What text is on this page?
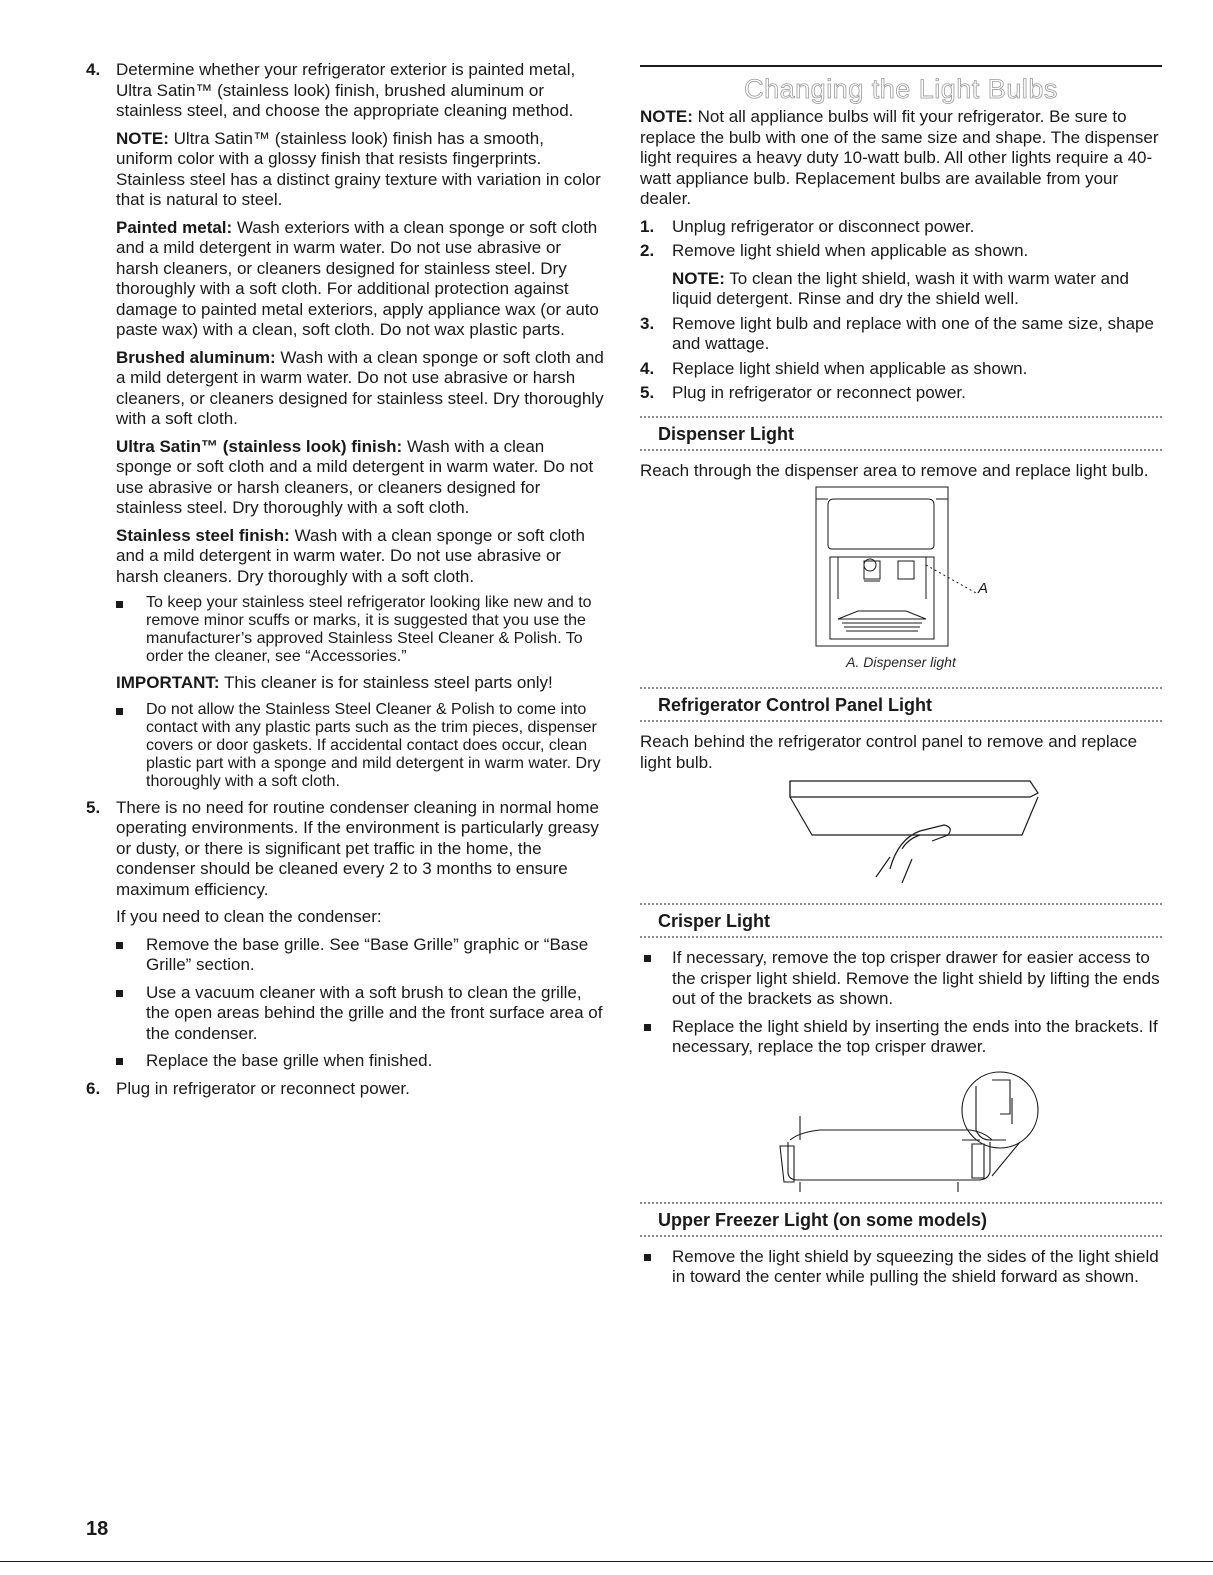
4. Determine whether your refrigerator exterior is painted metal, Ultra Satin™ (stainless look) finish, brushed aluminum or stainless steel, and choose the appropriate cleaning method.

NOTE: Ultra Satin™ (stainless look) finish has a smooth, uniform color with a glossy finish that resists fingerprints. Stainless steel has a distinct grainy texture with variation in color that is natural to steel.

Painted metal: Wash exteriors with a clean sponge or soft cloth and a mild detergent in warm water. Do not use abrasive or harsh cleaners, or cleaners designed for stainless steel. Dry thoroughly with a soft cloth. For additional protection against damage to painted metal exteriors, apply appliance wax (or auto paste wax) with a clean, soft cloth. Do not wax plastic parts.

Brushed aluminum: Wash with a clean sponge or soft cloth and a mild detergent in warm water. Do not use abrasive or harsh cleaners, or cleaners designed for stainless steel. Dry thoroughly with a soft cloth.

Ultra Satin™ (stainless look) finish: Wash with a clean sponge or soft cloth and a mild detergent in warm water. Do not use abrasive or harsh cleaners, or cleaners designed for stainless steel. Dry thoroughly with a soft cloth.

Stainless steel finish: Wash with a clean sponge or soft cloth and a mild detergent in warm water. Do not use abrasive or harsh cleaners. Dry thoroughly with a soft cloth.

To keep your stainless steel refrigerator looking like new and to remove minor scuffs or marks, it is suggested that you use the manufacturer’s approved Stainless Steel Cleaner & Polish. To order the cleaner, see “Accessories.”

IMPORTANT: This cleaner is for stainless steel parts only!

Do not allow the Stainless Steel Cleaner & Polish to come into contact with any plastic parts such as the trim pieces, dispenser covers or door gaskets. If accidental contact does occur, clean plastic part with a sponge and mild detergent in warm water. Dry thoroughly with a soft cloth.
5. There is no need for routine condenser cleaning in normal home operating environments. If the environment is particularly greasy or dusty, or there is significant pet traffic in the home, the condenser should be cleaned every 2 to 3 months to ensure maximum efficiency.

If you need to clean the condenser:

Remove the base grille. See “Base Grille” graphic or “Base Grille” section.
Use a vacuum cleaner with a soft brush to clean the grille, the open areas behind the grille and the front surface area of the condenser.
Replace the base grille when finished.
6. Plug in refrigerator or reconnect power.

Changing the Light Bulbs

NOTE: Not all appliance bulbs will fit your refrigerator. Be sure to replace the bulb with one of the same size and shape. The dispenser light requires a heavy duty 10-watt bulb. All other lights require a 40-watt appliance bulb. Replacement bulbs are available from your dealer.

1. Unplug refrigerator or disconnect power.
2. Remove light shield when applicable as shown.

NOTE: To clean the light shield, wash it with warm water and liquid detergent. Rinse and dry the shield well.

3. Remove light bulb and replace with one of the same size, shape and wattage.
4. Replace light shield when applicable as shown.
5. Plug in refrigerator or reconnect power.
Dispenser Light

Reach through the dispenser area to remove and replace light bulb.

A
A. Dispenser light
Refrigerator Control Panel Light

Reach behind the refrigerator control panel to remove and replace light bulb.

Crisper Light
If necessary, remove the top crisper drawer for easier access to the crisper light shield. Remove the light shield by lifting the ends out of the brackets as shown.
Replace the light shield by inserting the ends into the brackets. If necessary, replace the top crisper drawer.
Upper Freezer Light (on some models)
Remove the light shield by squeezing the sides of the light shield in toward the center while pulling the shield forward as shown.
18
